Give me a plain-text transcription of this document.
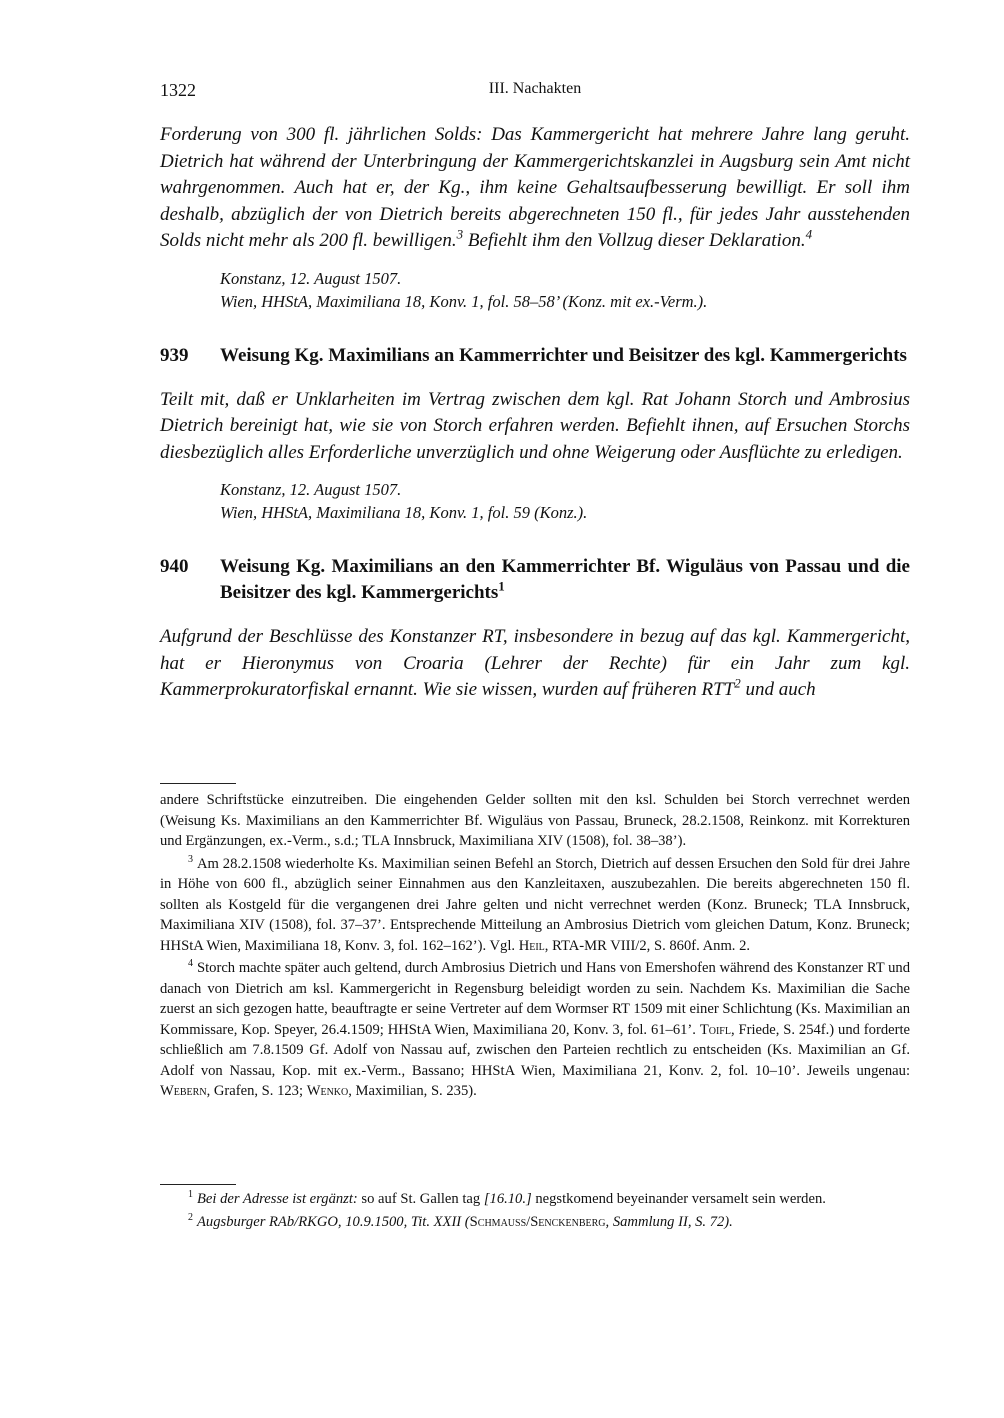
1322	III. Nachakten

Forderung von 300 fl. jährlichen Solds: Das Kammergericht hat mehrere Jahre lang geruht. Dietrich hat während der Unterbringung der Kammergerichtskanzlei in Augsburg sein Amt nicht wahrgenommen. Auch hat er, der Kg., ihm keine Gehaltsaufbesserung bewilligt. Er soll ihm deshalb, abzüglich der von Dietrich bereits abgerechneten 150 fl., für jedes Jahr ausstehenden Solds nicht mehr als 200 fl. bewilligen.$^3$ Befiehlt ihm den Vollzug dieser Deklaration.$^4$

Konstanz, 12. August 1507.
Wien, HHStA, Maximiliana 18, Konv. 1, fol. 58–58’ (Konz. mit ex.-Verm.).
939	Weisung Kg. Maximilians an Kammerrichter und Beisitzer des kgl. Kammergerichts

Teilt mit, daß er Unklarheiten im Vertrag zwischen dem kgl. Rat Johann Storch und Ambrosius Dietrich bereinigt hat, wie sie von Storch erfahren werden. Befiehlt ihnen, auf Ersuchen Storchs diesbezüglich alles Erforderliche unverzüglich und ohne Weigerung oder Ausflüchte zu erledigen.

Konstanz, 12. August 1507.
Wien, HHStA, Maximiliana 18, Konv. 1, fol. 59 (Konz.).
940	Weisung Kg. Maximilians an den Kammerrichter Bf. Wiguläus von Passau und die Beisitzer des kgl. Kammergerichts$^1$

Aufgrund der Beschlüsse des Konstanzer RT, insbesondere in bezug auf das kgl. Kammergericht, hat er Hieronymus von Croaria (Lehrer der Rechte) für ein Jahr zum kgl. Kammerprokuratorfiskal ernannt. Wie sie wissen, wurden auf früheren RTT$^2$ und auch

andere Schriftstücke einzutreiben. Die eingehenden Gelder sollten mit den ksl. Schulden bei Storch verrechnet werden (Weisung Ks. Maximilians an den Kammerrichter Bf. Wiguläus von Passau, Bruneck, 28.2.1508, Reinkonz. mit Korrekturen und Ergänzungen, ex.-Verm., s.d.; TLA Innsbruck, Maximiliana XIV (1508), fol. 38–38’).

$^3$ Am 28.2.1508 wiederholte Ks. Maximilian seinen Befehl an Storch, Dietrich auf dessen Ersuchen den Sold für drei Jahre in Höhe von 600 fl., abzüglich seiner Einnahmen aus den Kanzleitaxen, auszubezahlen. Die bereits abgerechneten 150 fl. sollten als Kostgeld für die vergangenen drei Jahre gelten und nicht verrechnet werden (Konz. Bruneck; TLA Innsbruck, Maximiliana XIV (1508), fol. 37–37’. Entsprechende Mitteilung an Ambrosius Dietrich vom gleichen Datum, Konz. Bruneck; HHStA Wien, Maximiliana 18, Konv. 3, fol. 162–162’). Vgl. Heil, RTA-MR VIII/2, S. 860f. Anm. 2.

$^4$ Storch machte später auch geltend, durch Ambrosius Dietrich und Hans von Emershofen während des Konstanzer RT und danach von Dietrich am ksl. Kammergericht in Regensburg beleidigt worden zu sein. Nachdem Ks. Maximilian die Sache zuerst an sich gezogen hatte, beauftragte er seine Vertreter auf dem Wormser RT 1509 mit einer Schlichtung (Ks. Maximilian an Kommissare, Kop. Speyer, 26.4.1509; HHStA Wien, Maximiliana 20, Konv. 3, fol. 61–61’. Toifl, Friede, S. 254f.) und forderte schließlich am 7.8.1509 Gf. Adolf von Nassau auf, zwischen den Parteien rechtlich zu entscheiden (Ks. Maximilian an Gf. Adolf von Nassau, Kop. mit ex.-Verm., Bassano; HHStA Wien, Maximiliana 21, Konv. 2, fol. 10–10’. Jeweils ungenau: Webern, Grafen, S. 123; Wenko, Maximilian, S. 235).

$^1$ Bei der Adresse ist ergänzt: so auf St. Gallen tag [16.10.] negstkomend beyeinander versamelt sein werden.

$^2$ Augsburger RAb/RKGO, 10.9.1500, Tit. XXII (Schmauss/Senckenberg, Sammlung II, S. 72).
